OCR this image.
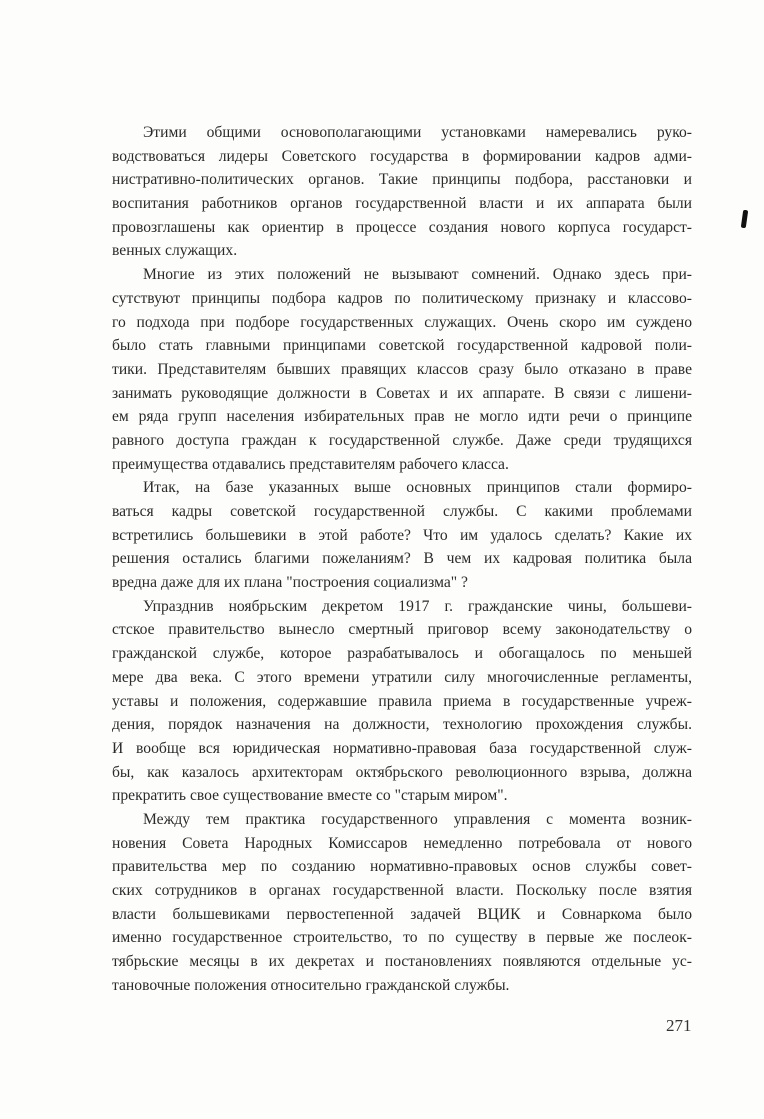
Этими общими основополагающими установками намеревались руко-
водствоваться лидеры Советского государства в формировании кадров адми-
нистративно-политических органов. Такие принципы подбора, расстановки и
воспитания работников органов государственной власти и их аппарата были
провозглашены как ориентир в процессе создания нового корпуса государст-
венных служащих.
Многие из этих положений не вызывают сомнений. Однако здесь при-
сутствуют принципы подбора кадров по политическому признаку и классово-
го подхода при подборе государственных служащих. Очень скоро им суждено
было стать главными принципами советской государственной кадровой поли-
тики. Представителям бывших правящих классов сразу было отказано в праве
занимать руководящие должности в Советах и их аппарате. В связи с лишени-
ем ряда групп населения избирательных прав не могло идти речи о принципе
равного доступа граждан к государственной службе. Даже среди трудящихся
преимущества отдавались представителям рабочего класса.
Итак, на базе указанных выше основных принципов стали формиро-
ваться кадры советской государственной службы. С какими проблемами
встретились большевики в этой работе? Что им удалось сделать? Какие их
решения остались благими пожеланиям? В чем их кадровая политика была
вредна даже для их плана "построения социализма" ?
Упразднив ноябрьским декретом 1917 г. гражданские чины, большеви-
стское правительство вынесло смертный приговор всему законодательству о
гражданской службе, которое разрабатывалось и обогащалось по меньшей
мере два века. С этого времени утратили силу многочисленные регламенты,
уставы и положения, содержавшие правила приема в государственные учреж-
дения, порядок назначения на должности, технологию прохождения службы.
И вообще вся юридическая нормативно-правовая база государственной служ-
бы, как казалось архитекторам октябрьского революционного взрыва, должна
прекратить свое существование вместе со "старым миром".
Между тем практика государственного управления с момента возник-
новения Совета Народных Комиссаров немедленно потребовала от нового
правительства мер по созданию нормативно-правовых основ службы совет-
ских сотрудников в органах государственной власти. Поскольку после взятия
власти большевиками первостепенной задачей ВЦИК и Совнаркома было
именно государственное строительство, то по существу в первые же послеок-
тябрьские месяцы в их декретах и постановлениях появляются отдельные ус-
тановочные положения относительно гражданской службы.
271
